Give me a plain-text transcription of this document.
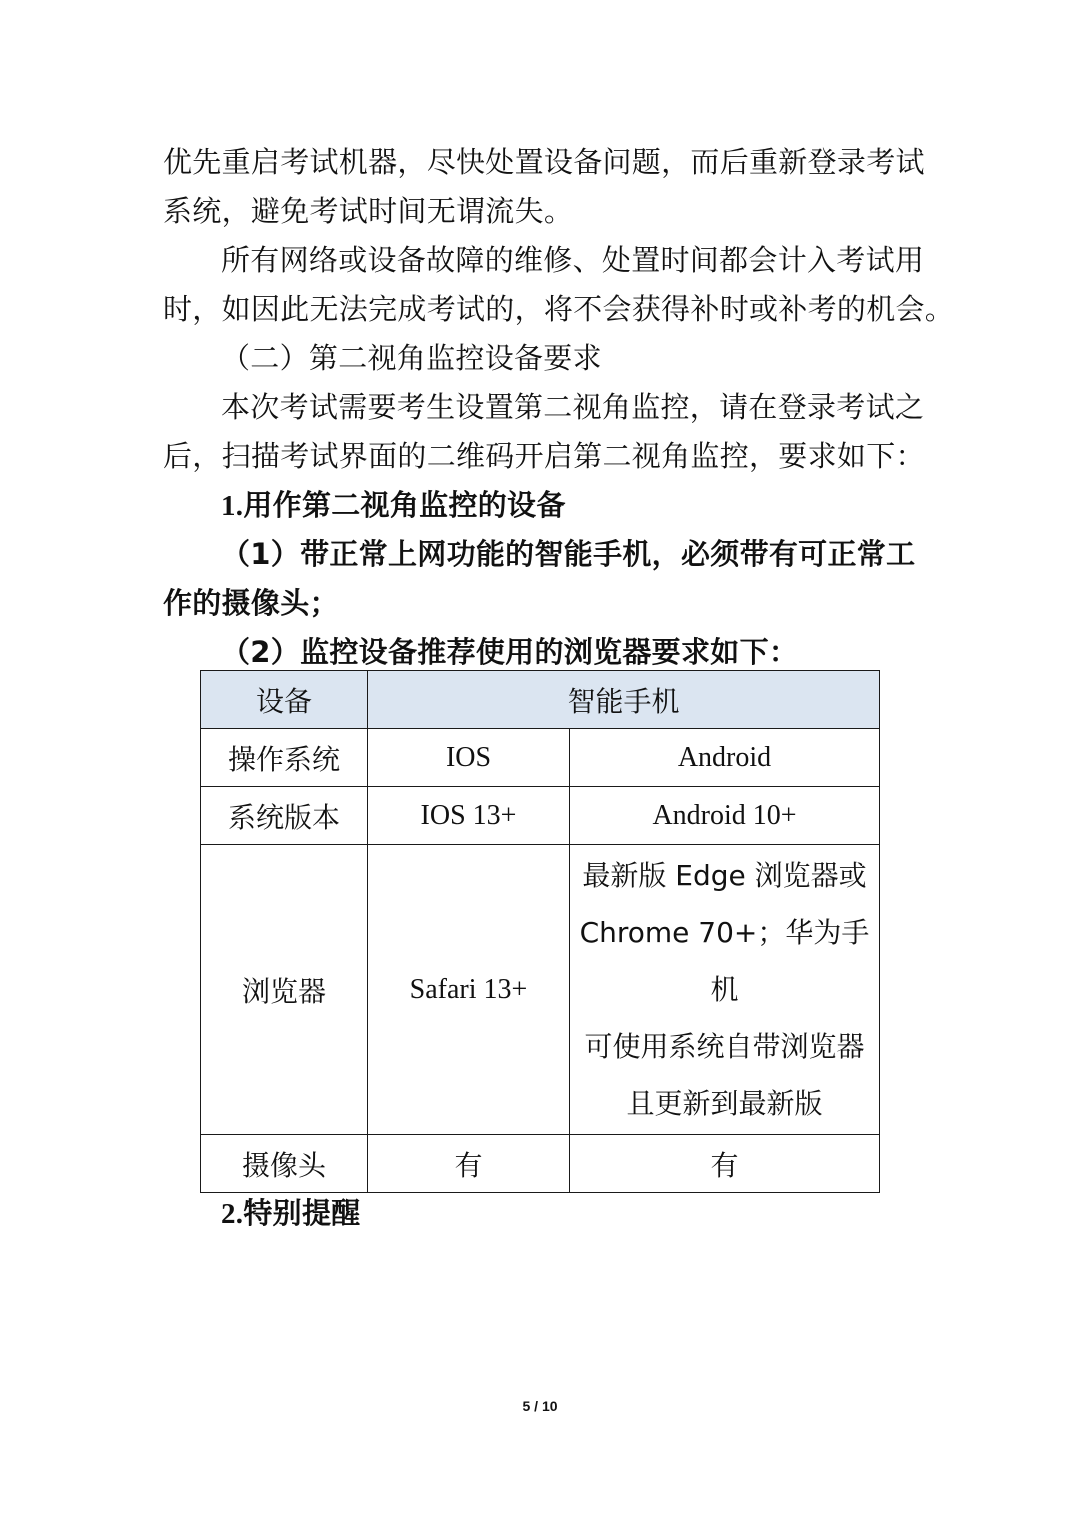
优先重启考试机器，尽快处置设备问题，而后重新登录考试
系统，避免考试时间无谓流失。
所有网络或设备故障的维修、处置时间都会计入考试用
时，如因此无法完成考试的，将不会获得补时或补考的机会。
（二）第二视角监控设备要求
本次考试需要考生设置第二视角监控，请在登录考试之
后，扫描考试界面的二维码开启第二视角监控，要求如下：
1.用作第二视角监控的设备
（1）带正常上网功能的智能手机，必须带有可正常工
作的摄像头；
（2）监控设备推荐使用的浏览器要求如下：
设备	智能手机	
操作系统	IOS	Android
系统版本	IOS 13+	Android 10+
浏览器	Safari 13+	最新版 Edge 浏览器或
Chrome 70+；华为手机
可使用系统自带浏览器
且更新到最新版

摄像头	有	有
2.特别提醒
5 / 10
